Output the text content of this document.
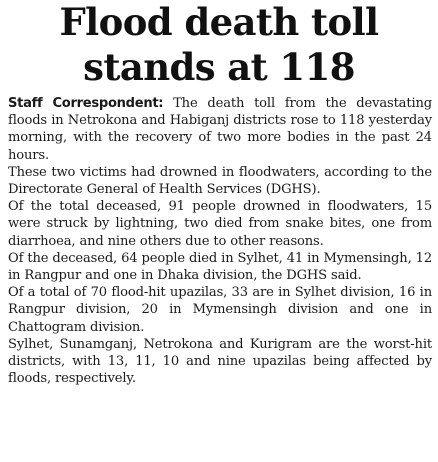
Flood death toll
stands at 118

Staff Correspondent: The death toll from the devastating floods in Netrokona and Habiganj districts rose to 118 yesterday morning, with the recovery of two more bodies in the past 24 hours.

These two victims had drowned in floodwaters, according to the Directorate General of Health Services (DGHS).

Of the total deceased, 91 people drowned in floodwaters, 15 were struck by lightning, two died from snake bites, one from diarrhoea, and nine others due to other reasons.

Of the deceased, 64 people died in Sylhet, 41 in Mymensingh, 12 in Rangpur and one in Dhaka division, the DGHS said.

Of a total of 70 flood-hit upazilas, 33 are in Sylhet division, 16 in Rangpur division, 20 in Mymensingh division and one in Chattogram division.

Sylhet, Sunamganj, Netrokona and Kurigram are the worst-hit districts, with 13, 11, 10 and nine upazilas being affected by floods, respectively.
